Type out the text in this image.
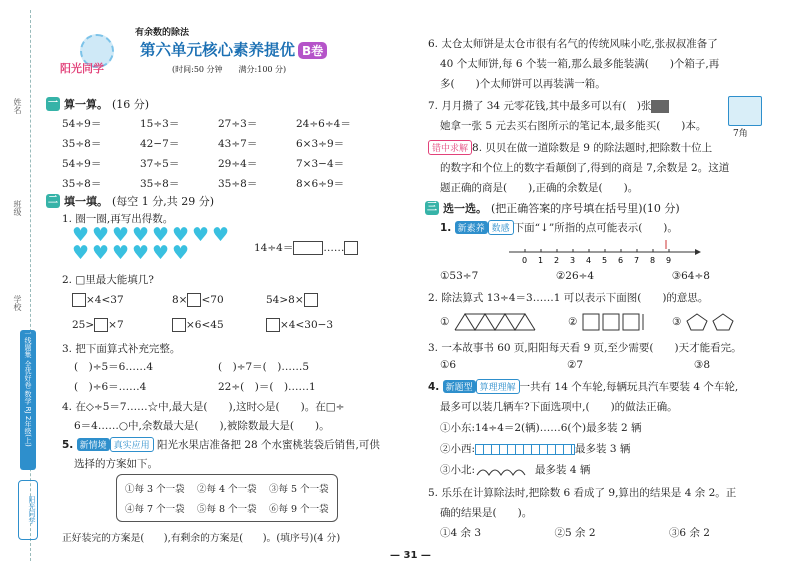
姓名
班级
学校
一线题集 全优好卷 数学 RJ 2年级(上)
阳光同学
有余数的除法
阳光同学
第六单元核心素养提优 B卷
(时间:50 分钟　　满分:100 分)
一 算一算。 (16 分)
54÷9＝	15÷3＝	27÷3＝	24÷6÷4＝
35÷8＝	42−7＝	43÷7＝	6×3÷9＝
54÷9＝	37÷5＝	29÷4＝	7×3−4＝
35÷8＝	35÷8＝	35÷8＝	8×6÷9＝
二 填一填。 (每空 1 分,共 29 分)
1. 圈一圈,再写出得数。
♥ ♥ ♥ ♥ ♥ ♥ ♥ ♥
♥ ♥ ♥ ♥ ♥ ♥	14÷4＝	……
2. □里最大能填几?
×4<37	8× <70	54>8×
25> ×7	×6<45	×4<30−3
3. 把下面算式补充完整。
(　)÷5＝6……4	(　)÷7＝(　)……5
(　)÷6＝……4	22÷(　)＝(　)……1
4. 在◇÷5＝7……☆中,最大是(　　),这时◇是(　　)。在□÷
6＝4……○中,余数最大是(　　),被除数最大是(　　)。
5. 新情境 真实应用 阳光水果店准备把 28 个水蜜桃装袋后销售,可供
选择的方案如下。
①每 3 个一袋 ②每 4 个一袋 ③每 5 个一袋
④每 7 个一袋 ⑤每 8 个一袋 ⑥每 9 个一袋
正好装完的方案是(　　),有剩余的方案是(　　)。(填序号)(4 分)
6. 太仓太师饼是太仓市很有名气的传统风味小吃,张叔叔准备了
40 个太师饼,每 6 个装一箱,那么最多能装满(　　)个箱子,再
多(　　)个太师饼可以再装满一箱。
7. 月月攒了 34 元零花钱,其中最多可以有(　)张
7角
她拿一张 5 元去买右图所示的笔记本,最多能买(　　)本。
错中求解 8. 贝贝在做一道除数是 9 的除法题时,把除数十位上
的数字和个位上的数字看颠倒了,得到的商是 7,余数是 2。这道
题正确的商是(　　),正确的余数是(　　)。
三 选一选。 (把正确答案的序号填在括号里)(10 分)
1. 新素养 数感 下面“↓”所指的点可能表示(　　)。
0 1 2 3 4 5 6 7 8 9
①53÷7	②26÷4	③64÷8
2. 除法算式 13÷4＝3……1 可以表示下面图(　　)的意思。
①	②	③
3. 一本故事书 60 页,阳阳每天看 9 页,至少需要(　　)天才能看完。
①6	②7	③8
4. 新题型 算理理解 一共有 14 个车轮,每辆玩具汽车要装 4 个车轮,
最多可以装几辆车?下面选项中,(　　)的做法正确。
①小东:14÷4＝2(辆)……6(个)最多装 2 辆
②小西:	最多装 3 辆
③小北:	最多装 4 辆
5. 乐乐在计算除法时,把除数 6 看成了 9,算出的结果是 4 余 2。正
确的结果是(　　)。
①4 余 3	②5 余 2	③6 余 2
— 31 —
